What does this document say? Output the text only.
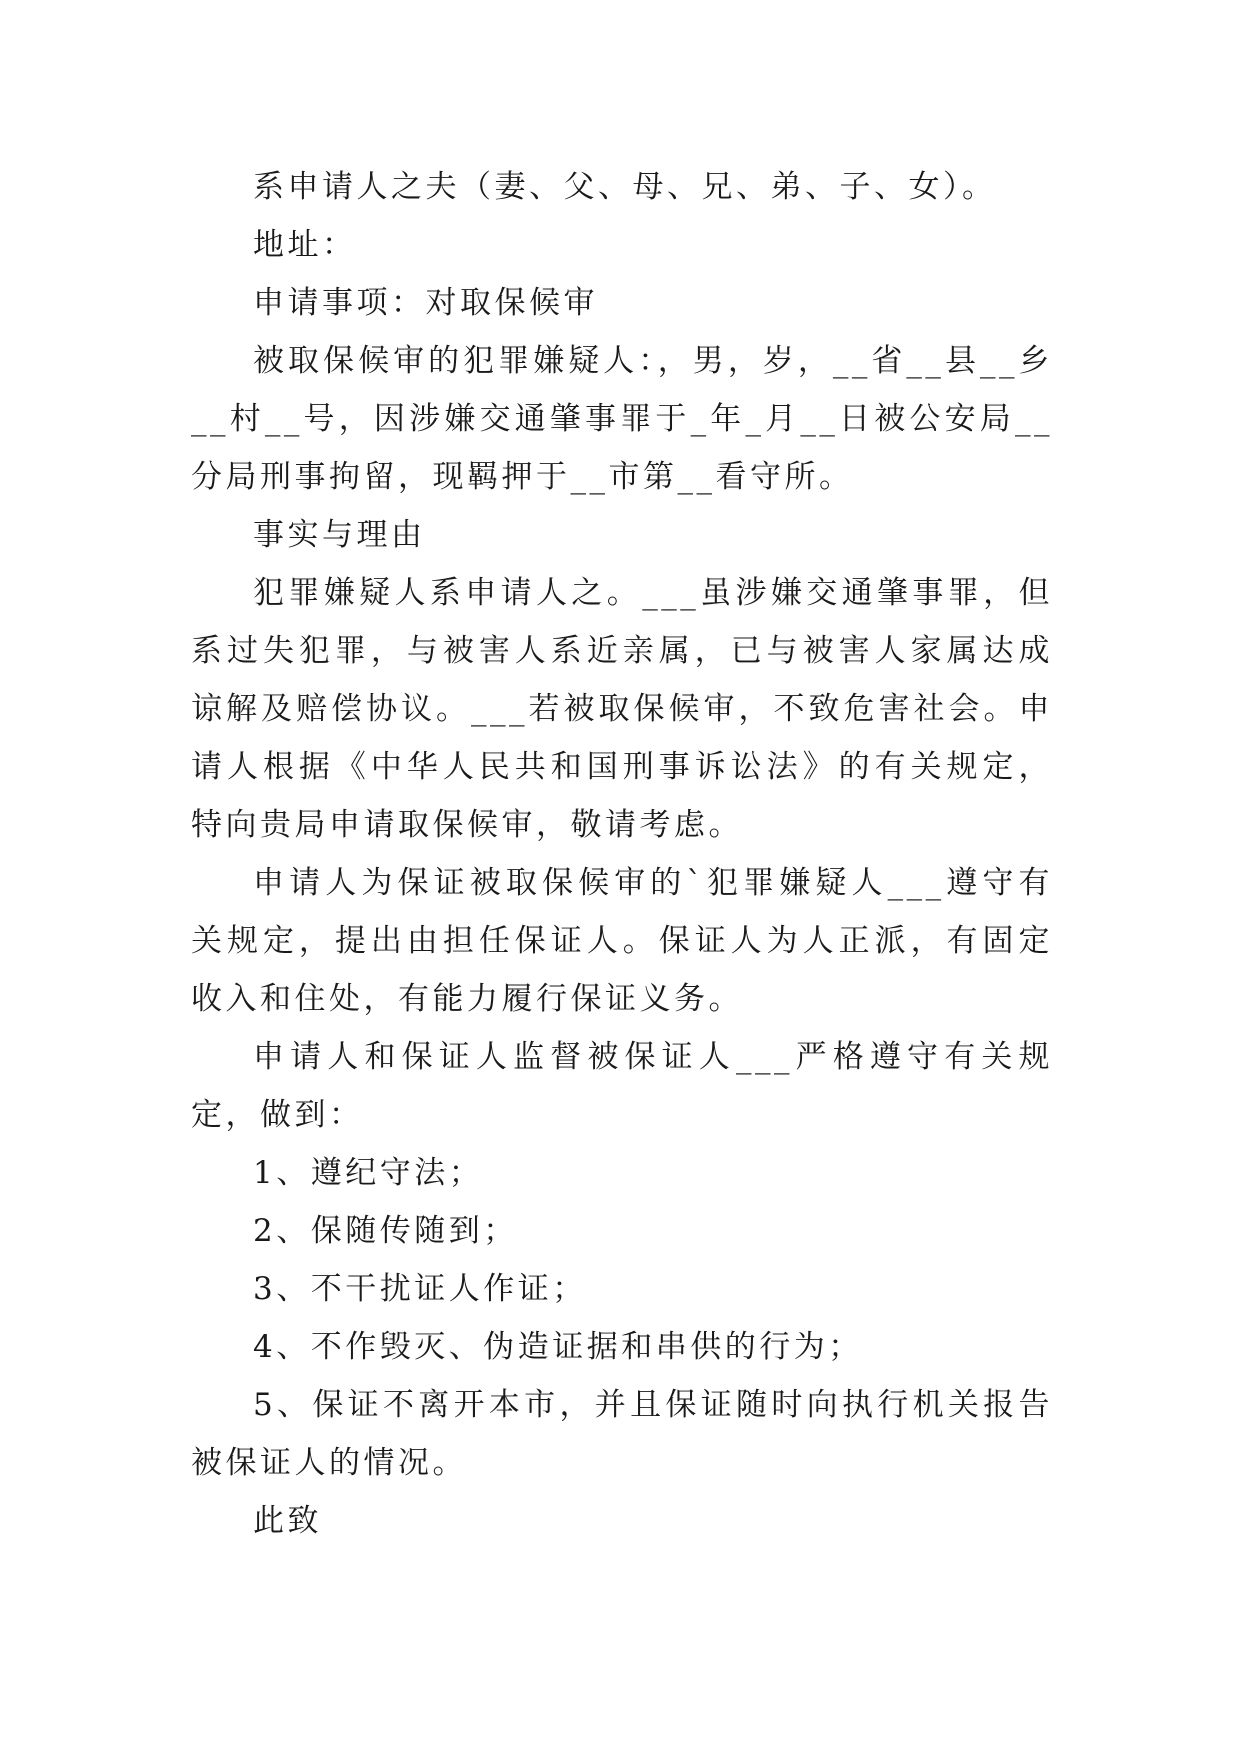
系申请人之夫（妻、父、母、兄、弟、子、女）。

地址：

申请事项：对取保候审

被取保候审的犯罪嫌疑人：，男，岁，__省__县__乡__村__号，因涉嫌交通肇事罪于_年_月__日被公安局__分局刑事拘留，现羁押于__市第__看守所。

事实与理由

犯罪嫌疑人系申请人之。___虽涉嫌交通肇事罪，但系过失犯罪，与被害人系近亲属，已与被害人家属达成谅解及赔偿协议。___若被取保候审，不致危害社会。申请人根据《中华人民共和国刑事诉讼法》的有关规定，特向贵局申请取保候审，敬请考虑。

申请人为保证被取保候审的`犯罪嫌疑人___遵守有关规定，提出由担任保证人。保证人为人正派，有固定收入和住处，有能力履行保证义务。

申请人和保证人监督被保证人___严格遵守有关规定，做到：

1、遵纪守法；

2、保随传随到；

3、不干扰证人作证；

4、不作毁灭、伪造证据和串供的行为；

5、保证不离开本市，并且保证随时向执行机关报告被保证人的情况。

此致
